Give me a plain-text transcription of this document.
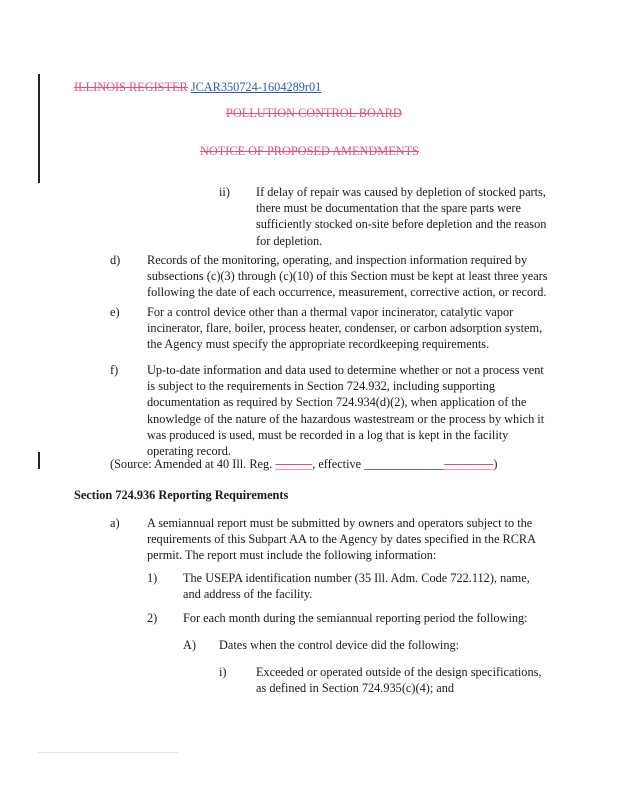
ILLINOIS REGISTER JCAR350724-1604289r01
POLLUTION CONTROL BOARD
NOTICE OF PROPOSED AMENDMENTS
ii) If delay of repair was caused by depletion of stocked parts,
there must be documentation that the spare parts were
sufficiently stocked on-site before depletion and the reason
for depletion.
d) Records of the monitoring, operating, and inspection information required by
subsections (c)(3) through (c)(10) of this Section must be kept at least three years
following the date of each occurrence, measurement, corrective action, or record.
e) For a control device other than a thermal vapor incinerator, catalytic vapor
incinerator, flare, boiler, process heater, condenser, or carbon adsorption system,
the Agency must specify the appropriate recordkeeping requirements.
f) Up-to-date information and data used to determine whether or not a process vent
is subject to the requirements in Section 724.932, including supporting
documentation as required by Section 724.934(d)(2), when application of the
knowledge of the nature of the hazardous wastestream or the process by which it
was produced is used, must be recorded in a log that is kept in the facility
operating record.
(Source: Amended at 40 Ill. Reg. ______, effective _____________________)
Section 724.936 Reporting Requirements
a) A semiannual report must be submitted by owners and operators subject to the
requirements of this Subpart AA to the Agency by dates specified in the RCRA
permit. The report must include the following information:
1) The USEPA identification number (35 Ill. Adm. Code 722.112), name,
and address of the facility.
2) For each month during the semiannual reporting period the following:
A) Dates when the control device did the following:
i) Exceeded or operated outside of the design specifications,
as defined in Section 724.935(c)(4); and
